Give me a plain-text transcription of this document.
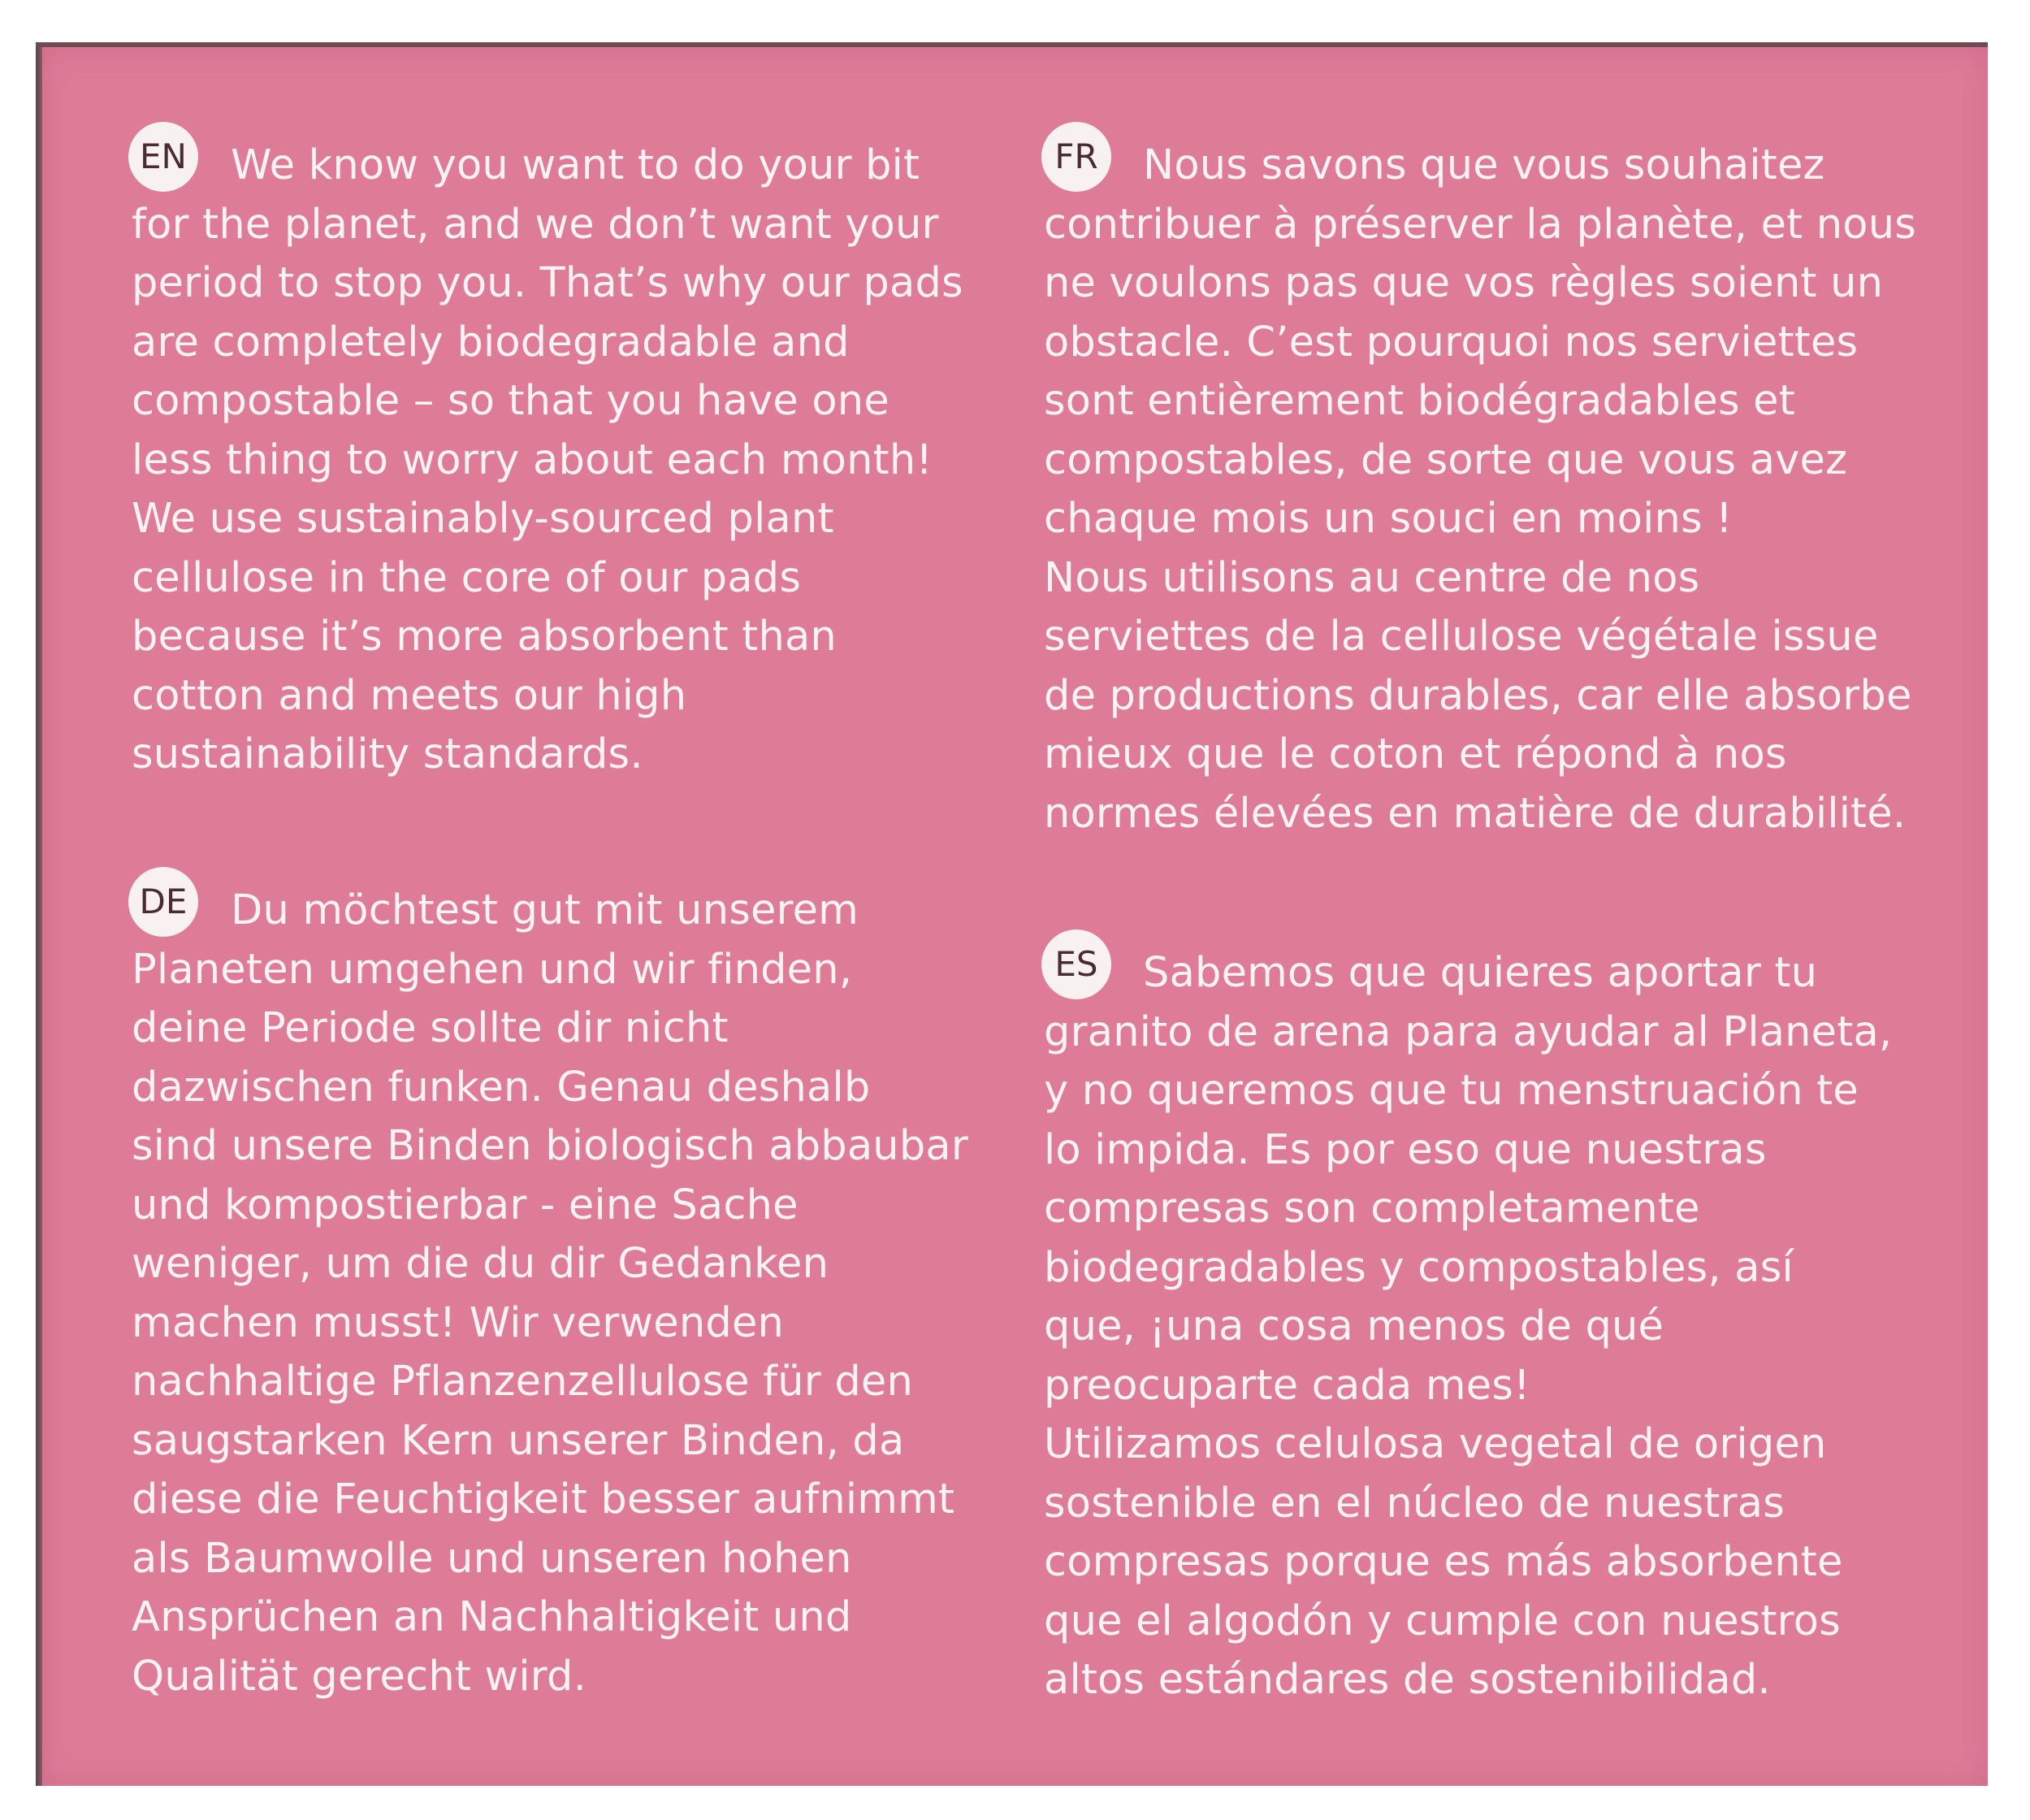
EN	We know you want to do your bit
for the planet, and we don’t want your
period to stop you. That’s why our pads
are completely biodegradable and
compostable – so that you have one
less thing to worry about each month!
We use sustainably-sourced plant
cellulose in the core of our pads
because it’s more absorbent than
cotton and meets our high
sustainability standards.
FR	Nous savons que vous souhaitez
contribuer à préserver la planète, et nous
ne voulons pas que vos règles soient un
obstacle. C’est pourquoi nos serviettes
sont entièrement biodégradables et
compostables, de sorte que vous avez
chaque mois un souci en moins !
Nous utilisons au centre de nos
serviettes de la cellulose végétale issue
de productions durables, car elle absorbe
mieux que le coton et répond à nos
normes élevées en matière de durabilité.
DE	Du möchtest gut mit unserem
Planeten umgehen und wir finden,
deine Periode sollte dir nicht
dazwischen funken. Genau deshalb
sind unsere Binden biologisch abbaubar
und kompostierbar - eine Sache
weniger, um die du dir Gedanken
machen musst! Wir verwenden
nachhaltige Pflanzenzellulose für den
saugstarken Kern unserer Binden, da
diese die Feuchtigkeit besser aufnimmt
als Baumwolle und unseren hohen
Ansprüchen an Nachhaltigkeit und
Qualität gerecht wird.
ES	Sabemos que quieres aportar tu
granito de arena para ayudar al Planeta,
y no queremos que tu menstruación te
lo impida. Es por eso que nuestras
compresas son completamente
biodegradables y compostables, así
que, ¡una cosa menos de qué
preocuparte cada mes!
Utilizamos celulosa vegetal de origen
sostenible en el núcleo de nuestras
compresas porque es más absorbente
que el algodón y cumple con nuestros
altos estándares de sostenibilidad.
